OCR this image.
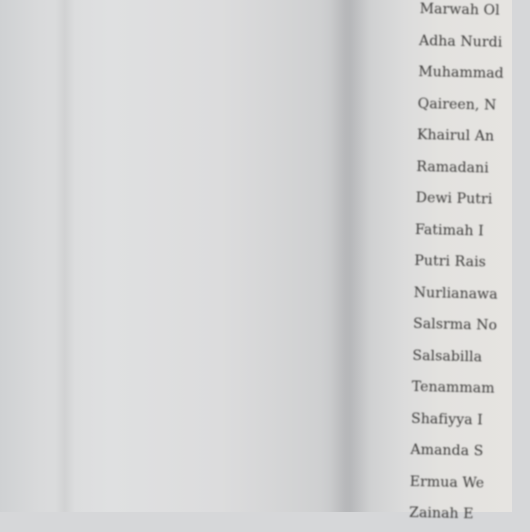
Marwah Ol
Adha Nurdi
Muhammad
Qaireen, N
Khairul An
Ramadani
Dewi Putri
Fatimah I
Putri Rais
Nurlianawa
Salsrma No
Salsabilla
Tenammam
Shafiyya I
Amanda S
Ermua We
Zainah E
